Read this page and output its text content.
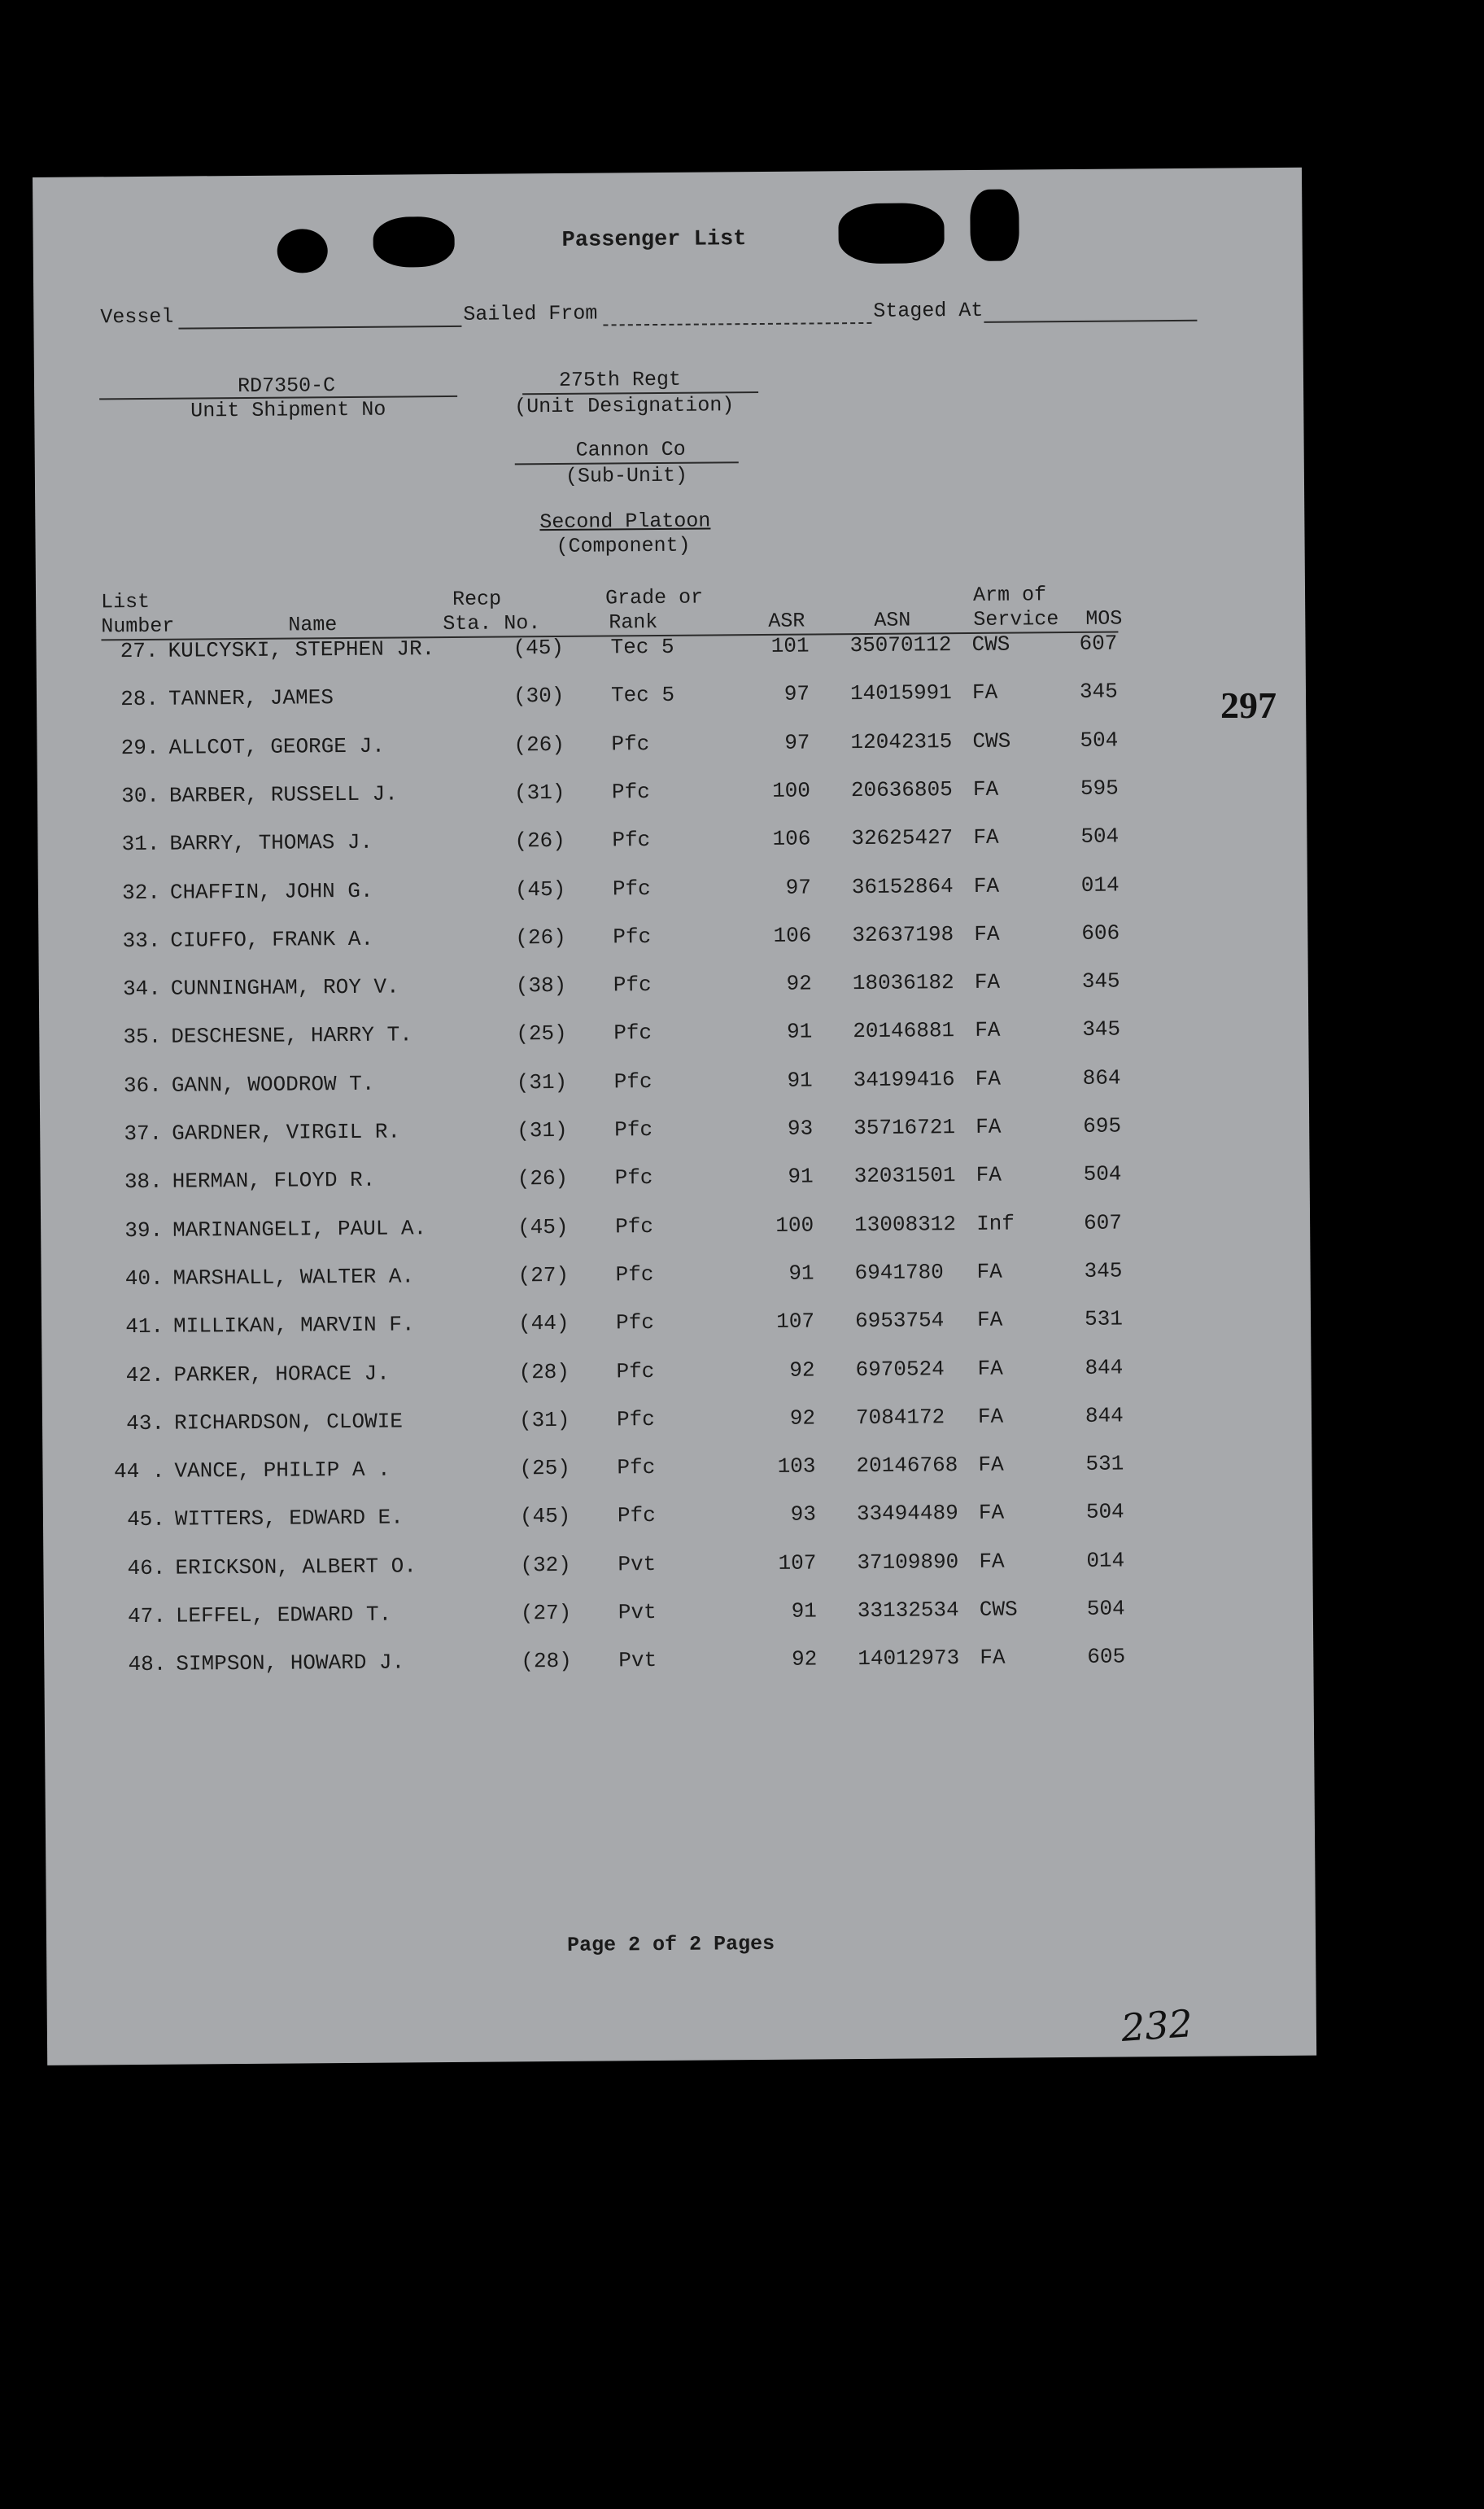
Passenger List
Vessel	Sailed From	Staged At
RD7350-C
Unit Shipment No
275th Regt
(Unit Designation)
Cannon Co
(Sub-Unit)
Second Platoon
(Component)
List
Number	Name
Recp
Sta. No.
Grade or
Rank	ASR	ASN
Arm of
Service MOS
27. KULCYSKI, STEPHEN JR.	(45) Tec 5	101 35070112 CWS	607
28. TANNER, JAMES	(30) Tec 5	97 14015991 FA	345
29. ALLCOT, GEORGE J.	(26) Pfc	97 12042315 CWS	504
30. BARBER, RUSSELL J.	(31) Pfc	100 20636805 FA	595
31. BARRY, THOMAS J.	(26) Pfc	106 32625427 FA	504
32. CHAFFIN, JOHN G.	(45) Pfc	97 36152864 FA	014
33. CIUFFO, FRANK A.	(26) Pfc	106 32637198 FA	606
34. CUNNINGHAM, ROY V.	(38) Pfc	92 18036182 FA	345
35. DESCHESNE, HARRY T.	(25) Pfc	91 20146881 FA	345
36. GANN, WOODROW T.	(31) Pfc	91 34199416 FA	864
37. GARDNER, VIRGIL R.	(31) Pfc	93 35716721 FA	695
38. HERMAN, FLOYD R.	(26) Pfc	91 32031501 FA	504
39. MARINANGELI, PAUL A.	(45) Pfc	100 13008312 Inf	607
40. MARSHALL, WALTER A.	(27) Pfc	91 6941780 FA	345
41. MILLIKAN, MARVIN F.	(44) Pfc	107 6953754 FA	531
42. PARKER, HORACE J.	(28) Pfc	92 6970524 FA	844
43. RICHARDSON, CLOWIE	(31) Pfc	92 7084172 FA	844
44 . VANCE, PHILIP A .	(25) Pfc	103 20146768 FA	531
45. WITTERS, EDWARD E.	(45) Pfc	93 33494489 FA	504
46. ERICKSON, ALBERT O.	(32) Pvt	107 37109890 FA	014
47. LEFFEL, EDWARD T.	(27) Pvt	91 33132534 CWS	504
48. SIMPSON, HOWARD J.	(28) Pvt	92 14012973 FA	605
Page 2 of 2 Pages
297
232
